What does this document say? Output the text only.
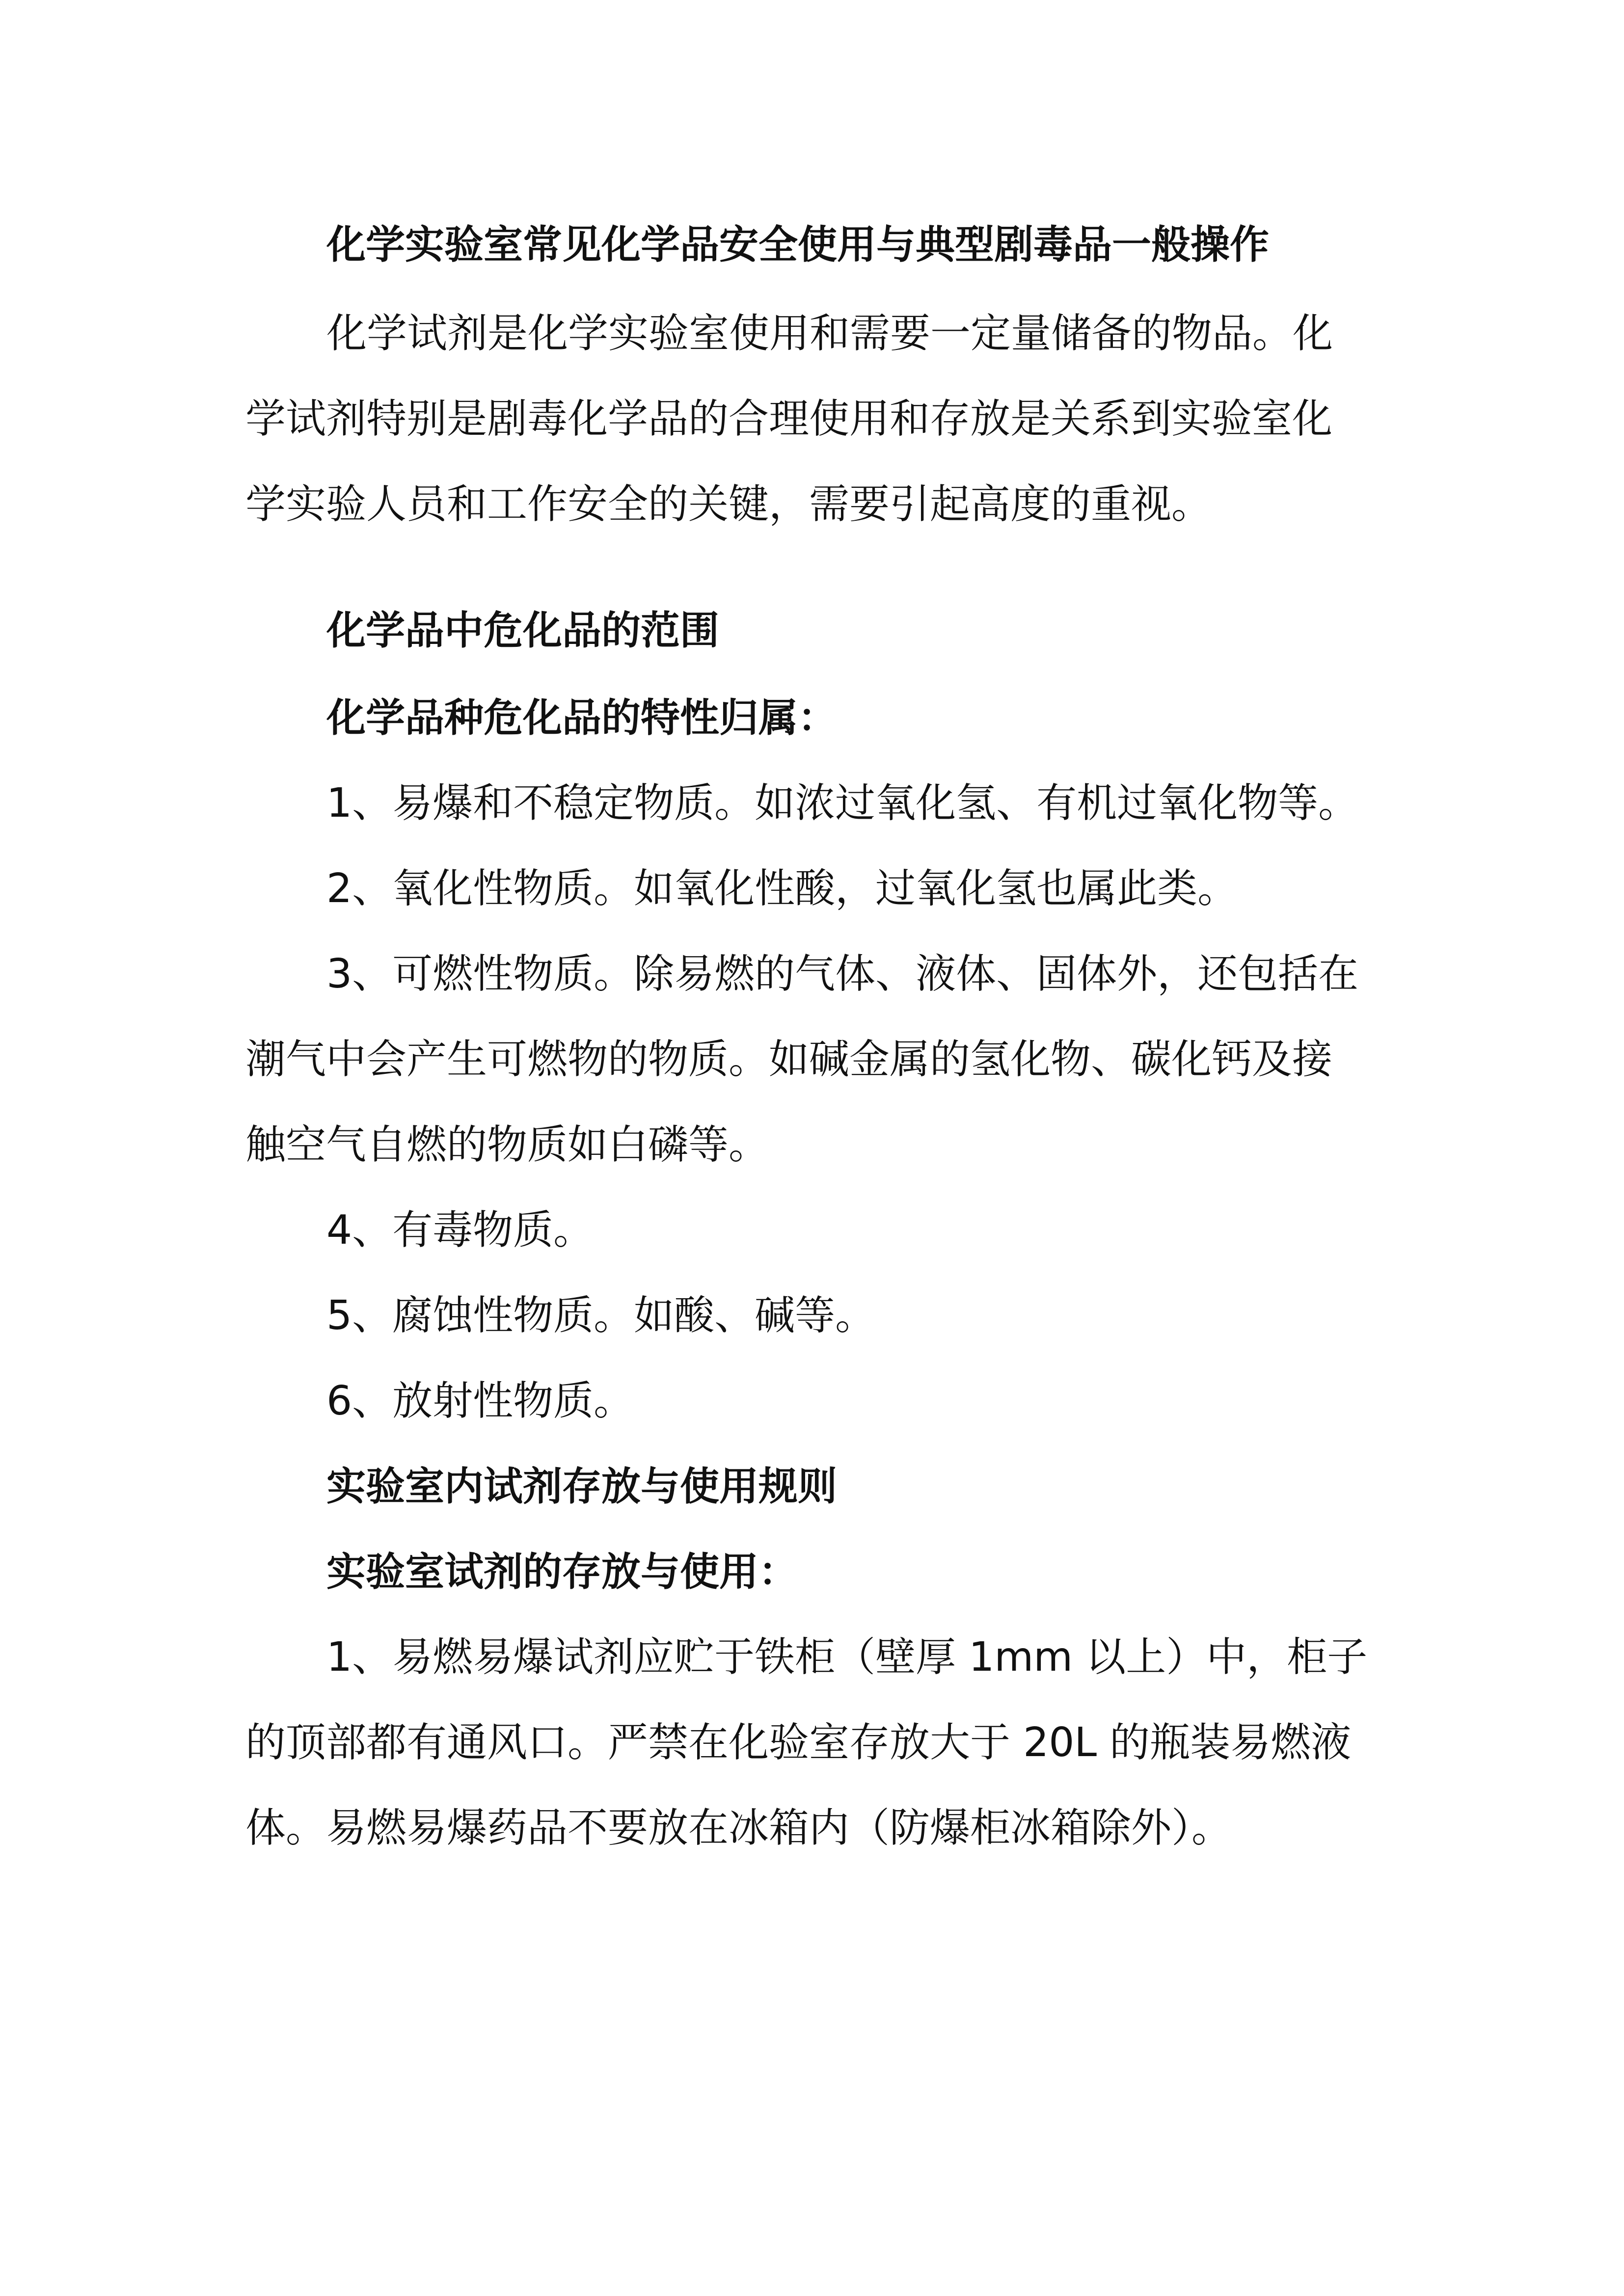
化学实验室常见化学品安全使用与典型剧毒品一般操作
化学试剂是化学实验室使用和需要一定量储备的物品。化
学试剂特别是剧毒化学品的合理使用和存放是关系到实验室化
学实验人员和工作安全的关键，需要引起高度的重视。
化学品中危化品的范围
化学品种危化品的特性归属：
1、易爆和不稳定物质。如浓过氧化氢、有机过氧化物等。
2、氧化性物质。如氧化性酸，过氧化氢也属此类。
3、可燃性物质。除易燃的气体、液体、固体外，还包括在
潮气中会产生可燃物的物质。如碱金属的氢化物、碳化钙及接
触空气自燃的物质如白磷等。
4、有毒物质。
5、腐蚀性物质。如酸、碱等。
6、放射性物质。
实验室内试剂存放与使用规则
实验室试剂的存放与使用：
1、易燃易爆试剂应贮于铁柜（壁厚 1mm 以上）中，柜子
的顶部都有通风口。严禁在化验室存放大于 20L 的瓶装易燃液
体。易燃易爆药品不要放在冰箱内（防爆柜冰箱除外）。
